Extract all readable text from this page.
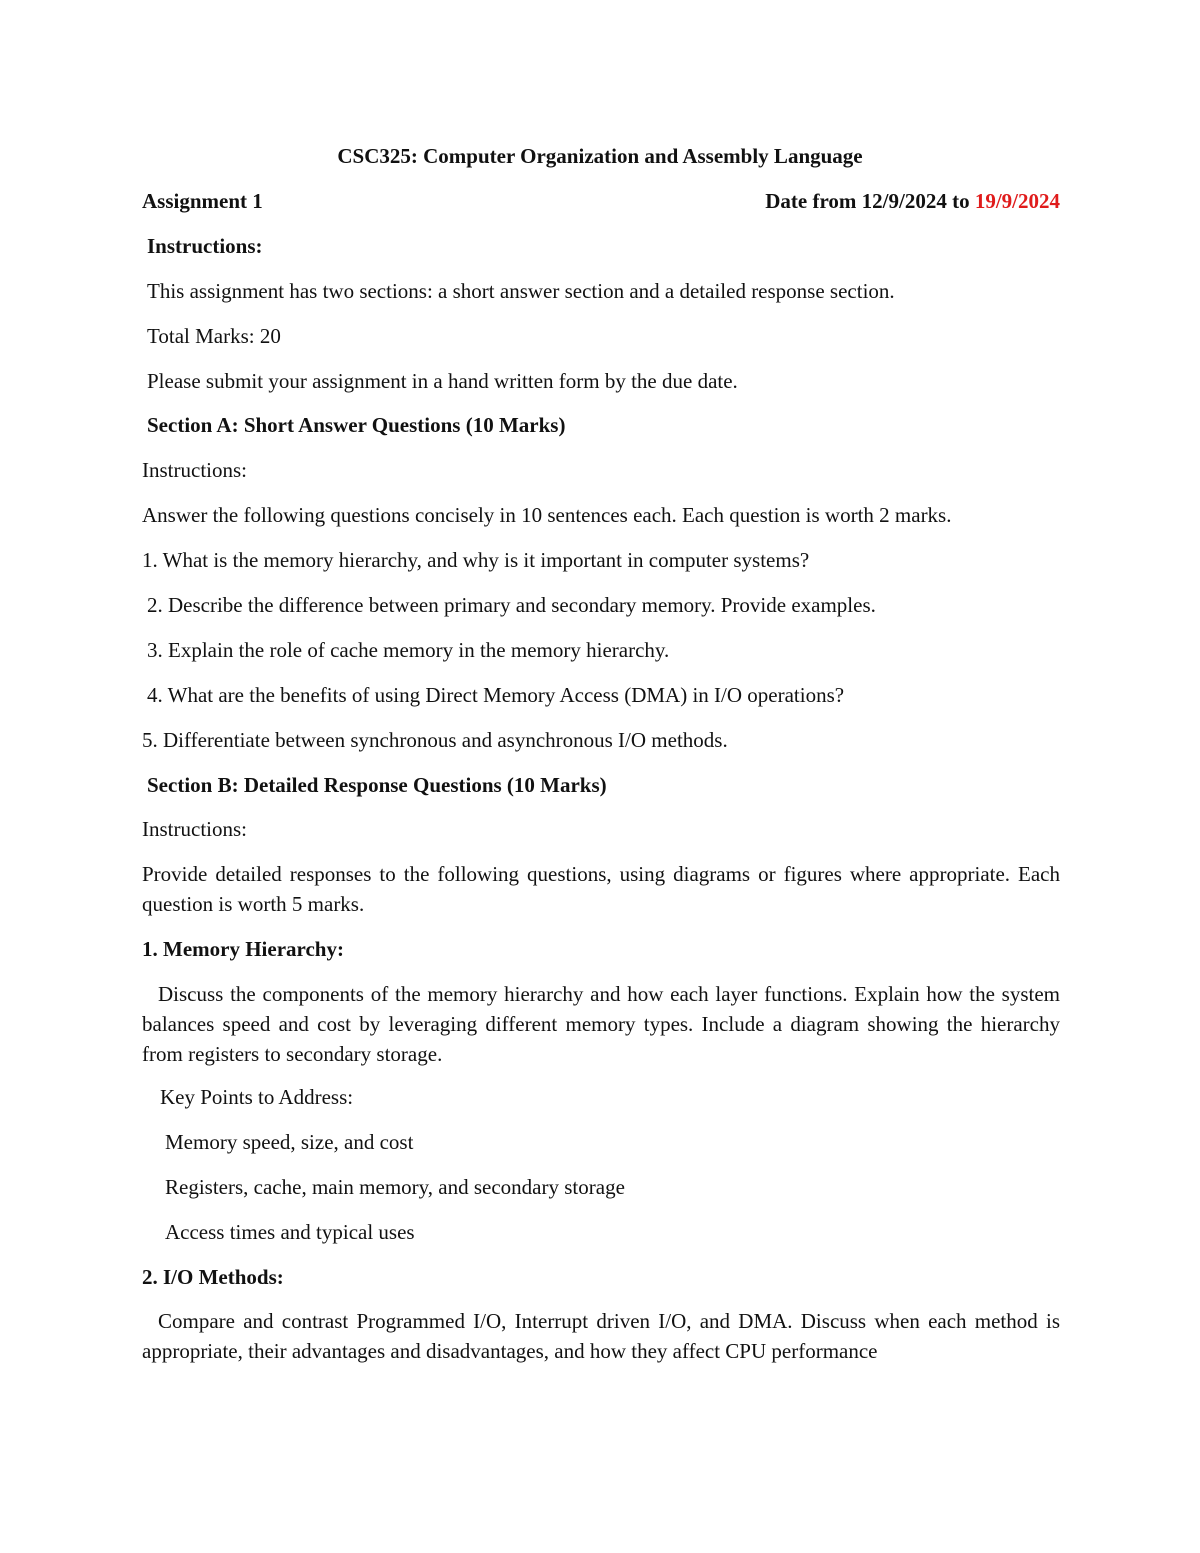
CSC325: Computer Organization and Assembly Language

Assignment 1	Date from 12/9/2024 to 19/9/2024

Instructions:

This assignment has two sections: a short answer section and a detailed response section.

Total Marks: 20

Please submit your assignment in a hand written form by the due date.

Section A: Short Answer Questions (10 Marks)

Instructions:

Answer the following questions concisely in 10 sentences each. Each question is worth 2 marks.

1. What is the memory hierarchy, and why is it important in computer systems?

2. Describe the difference between primary and secondary memory. Provide examples.

3. Explain the role of cache memory in the memory hierarchy.

4. What are the benefits of using Direct Memory Access (DMA) in I/O operations?

5. Differentiate between synchronous and asynchronous I/O methods.

Section B: Detailed Response Questions (10 Marks)

Instructions:

Provide detailed responses to the following questions, using diagrams or figures where appropriate. Each question is worth 5 marks.

1. Memory Hierarchy:

Discuss the components of the memory hierarchy and how each layer functions. Explain how the system balances speed and cost by leveraging different memory types. Include a diagram showing the hierarchy from registers to secondary storage.

Key Points to Address:

Memory speed, size, and cost

Registers, cache, main memory, and secondary storage

Access times and typical uses

2. I/O Methods:

Compare and contrast Programmed I/O, Interrupt driven I/O, and DMA. Discuss when each method is appropriate, their advantages and disadvantages, and how they affect CPU performance
